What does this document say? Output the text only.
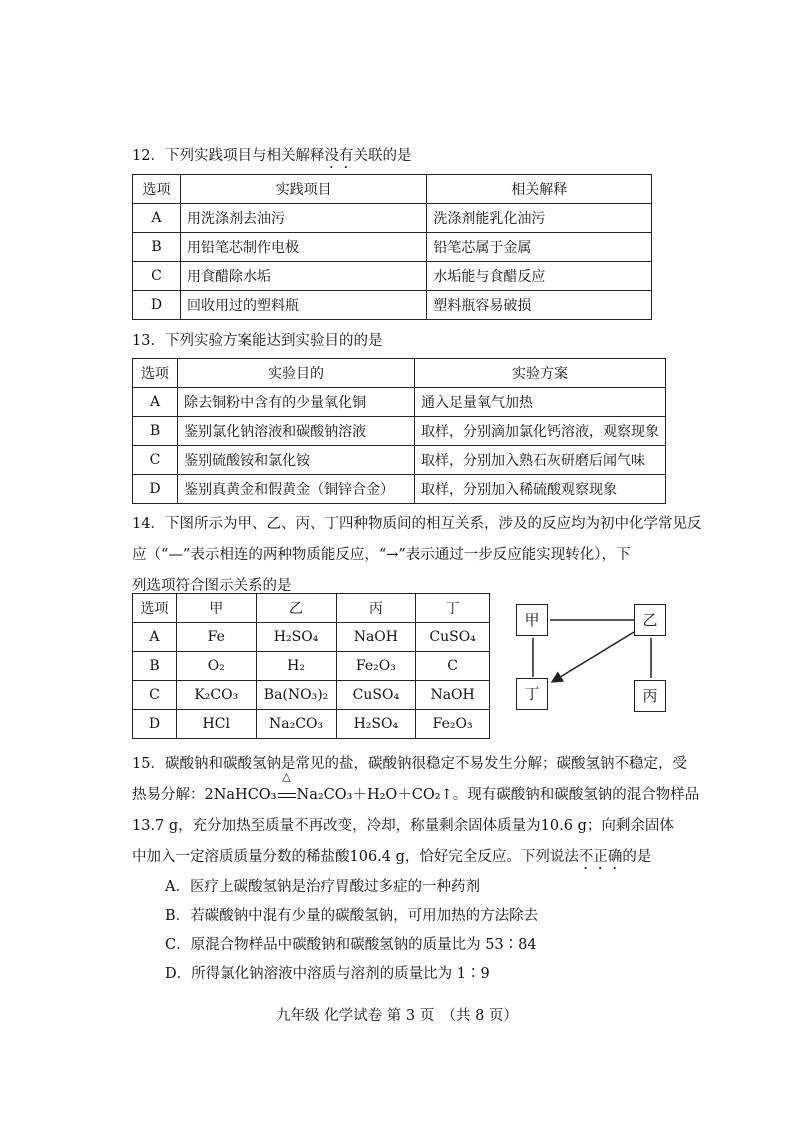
12．下列实践项目与相关解释没有关联的是
选项	实践项目	相关解释
A	用洗涤剂去油污	洗涤剂能乳化油污
B	用铅笔芯制作电极	铅笔芯属于金属
C	用食醋除水垢	水垢能与食醋反应
D	回收用过的塑料瓶	塑料瓶容易破损
13．下列实验方案能达到实验目的的是
选项	实验目的	实验方案
A	除去铜粉中含有的少量氧化铜	通入足量氧气加热
B	鉴别氯化钠溶液和碳酸钠溶液	取样，分别滴加氯化钙溶液，观察现象
C	鉴别硫酸铵和氯化铵	取样，分别加入熟石灰研磨后闻气味
D	鉴别真黄金和假黄金（铜锌合金）	取样，分别加入稀硫酸观察现象
14．下图所示为甲、乙、丙、丁四种物质间的相互关系，涉及的反应均为初中化学常见反
应（“—”表示相连的两种物质能反应，“→”表示通过一步反应能实现转化），下
列选项符合图示关系的是
选项	甲	乙	丙	丁
A	Fe	H₂SO₄	NaOH	CuSO₄
B	O₂	H₂	Fe₂O₃	C
C	K₂CO₃	Ba(NO₃)₂	CuSO₄	NaOH
D	HCl	Na₂CO₃	H₂SO₄	Fe₂O₃
甲	乙
丁	丙
15．碳酸钠和碳酸氢钠是常见的盐，碳酸钠很稳定不易发生分解；碳酸氢钠不稳定，受
热易分解：2NaHCO₃
△
Na₂CO₃＋H₂O＋CO₂↑。现有碳酸钠和碳酸氢钠的混合物样品
13.7 g，充分加热至质量不再改变，冷却，称量剩余固体质量为10.6 g；向剩余固体
中加入一定溶质质量分数的稀盐酸106.4 g，恰好完全反应。下列说法不正确的是
A．医疗上碳酸氢钠是治疗胃酸过多症的一种药剂
B．若碳酸钠中混有少量的碳酸氢钠，可用加热的方法除去
C．原混合物样品中碳酸钠和碳酸氢钠的质量比为 53∶84
D．所得氯化钠溶液中溶质与溶剂的质量比为 1∶9
九年级 化学试卷 第 3 页　（共 8 页）
